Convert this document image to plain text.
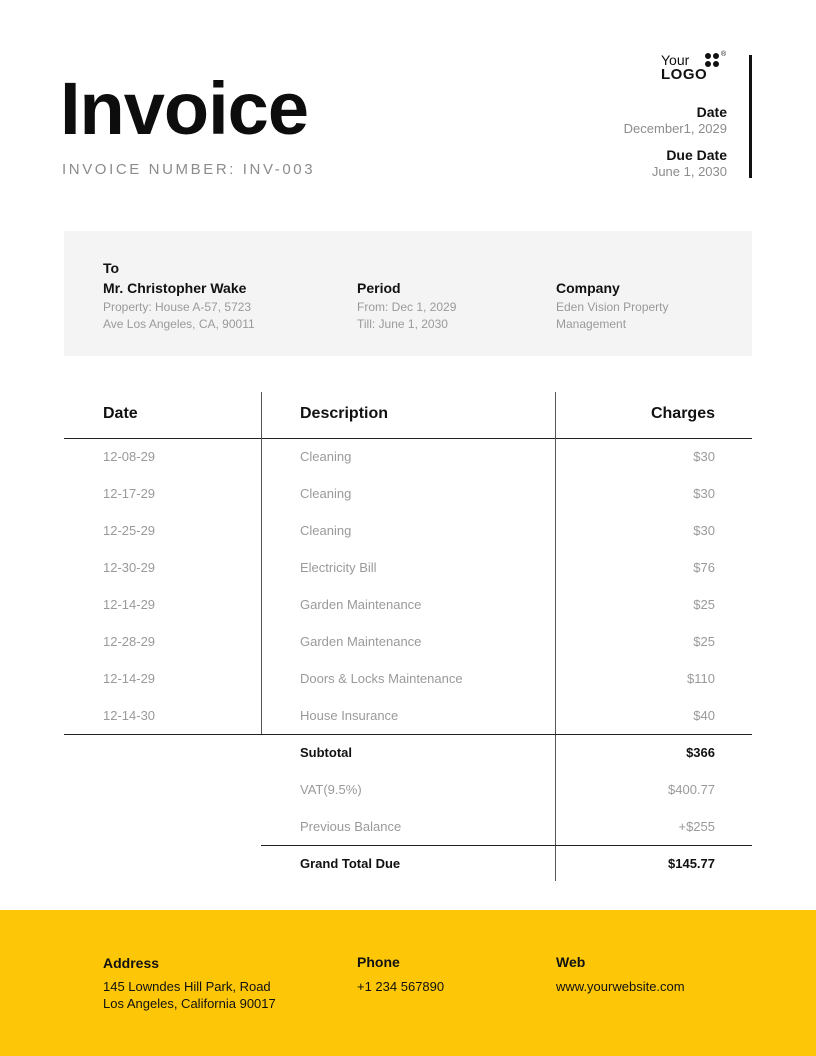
Invoice
INVOICE NUMBER: INV-003
Your	®
LOGO
Date
December1, 2029
Due Date
June 1, 2030
To
Mr. Christopher Wake
Property: House A-57, 5723
Ave Los Angeles, CA, 90011
Period
From: Dec 1, 2029
Till: June 1, 2030
Company
Eden Vision Property
Management
Date	Description	Charges
12-08-29	Cleaning	$30
12-17-29	Cleaning	$30
12-25-29	Cleaning	$30
12-30-29	Electricity Bill	$76
12-14-29	Garden Maintenance	$25
12-28-29	Garden Maintenance	$25
12-14-29	Doors & Locks Maintenance	$110
12-14-30	House Insurance	$40
Subtotal	$366
VAT(9.5%)	$400.77
Previous Balance	+$255
Grand Total Due	$145.77
Address
145 Lowndes Hill Park, Road
Los Angeles, California 90017
Phone
+1 234 567890
Web
www.yourwebsite.com
